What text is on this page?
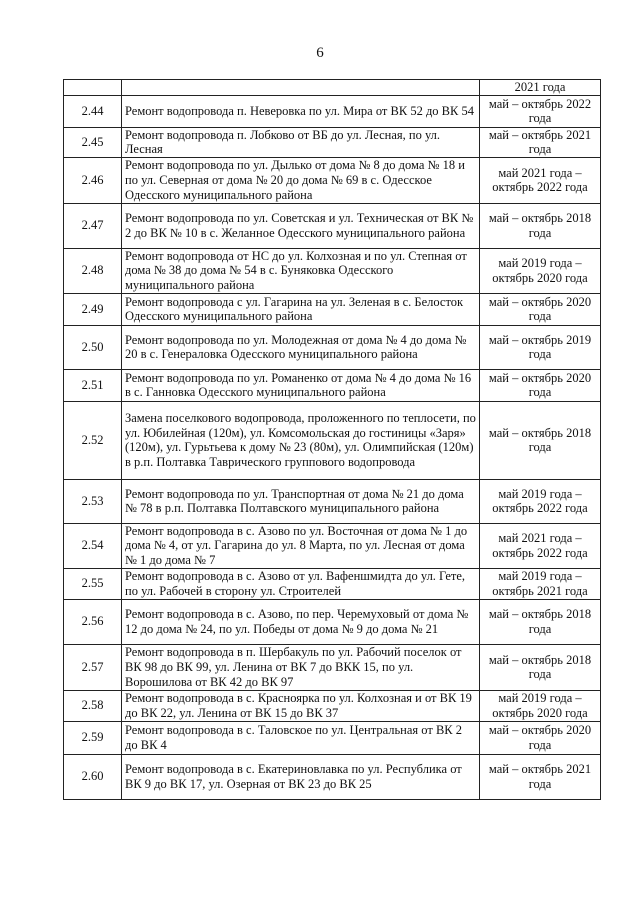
6
		2021 года
2.44	Ремонт водопровода п. Неверовка по ул. Мира от ВК 52 до ВК 54	май – октябрь 2022 года
2.45	Ремонт водопровода п. Лобково от ВБ до ул. Лесная, по ул. Лесная	май – октябрь 2021 года
2.46	Ремонт водопровода по ул. Дылько от дома № 8 до дома № 18 и по ул. Северная от дома № 20 до дома № 69 в с. Одесское Одесского муниципального района	май 2021 года – октябрь 2022 года
2.47	Ремонт водопровода по ул. Советская и ул. Техническая от ВК № 2 до ВК № 10 в с. Желанное Одесского муниципального района	май – октябрь 2018 года
2.48	Ремонт водопровода от НС до ул. Колхозная и по ул. Степная от дома № 38 до дома № 54 в с. Буняковка Одесского муниципального района	май 2019 года – октябрь 2020 года
2.49	Ремонт водопровода с ул. Гагарина на ул. Зеленая в с. Белосток Одесского муниципального района	май – октябрь 2020 года
2.50	Ремонт водопровода по ул. Молодежная от дома № 4 до дома № 20 в с. Генераловка Одесского муниципального района	май – октябрь 2019 года
2.51	Ремонт водопровода по ул. Романенко от дома № 4 до дома № 16 в с. Ганновка Одесского муниципального района	май – октябрь 2020 года
2.52	Замена поселкового водопровода, проложенного по теплосети, по ул. Юбилейная (120м), ул. Комсомольская до гостиницы «Заря» (120м), ул. Гурьтьева к дому № 23 (80м), ул. Олимпийская (120м) в р.п. Полтавка Таврического группового водопровода	май – октябрь 2018 года
2.53	Ремонт водопровода по ул. Транспортная от дома № 21 до дома № 78 в р.п. Полтавка Полтавского муниципального района	май 2019 года – октябрь 2022 года
2.54	Ремонт водопровода в с. Азово по ул. Восточная от дома № 1 до дома № 4, от ул. Гагарина до ул. 8 Марта, по ул. Лесная от дома № 1 до дома № 7	май 2021 года – октябрь 2022 года
2.55	Ремонт водопровода в с. Азово от ул. Вафеншмидта до ул. Гете, по ул. Рабочей в сторону ул. Строителей	май 2019 года – октябрь 2021 года
2.56	Ремонт водопровода в с. Азово, по пер. Черемуховый от дома № 12 до дома № 24, по ул. Победы от дома № 9 до дома № 21	май – октябрь 2018 года
2.57	Ремонт водопровода в п. Шербакуль по ул. Рабочий поселок от ВК 98 до ВК 99, ул. Ленина от ВК 7 до ВКК 15, по ул. Ворошилова от ВК 42 до ВК 97	май – октябрь 2018 года
2.58	Ремонт водопровода в с. Красноярка по ул. Колхозная и от ВК 19 до ВК 22, ул. Ленина от ВК 15 до ВК 37	май 2019 года – октябрь 2020 года
2.59	Ремонт водопровода в с. Таловское по ул. Центральная от ВК 2 до ВК 4	май – октябрь 2020 года
2.60	Ремонт водопровода в с. Екатериновлавка по ул. Республика от ВК 9 до ВК 17, ул. Озерная от ВК 23 до ВК 25	май – октябрь 2021 года
